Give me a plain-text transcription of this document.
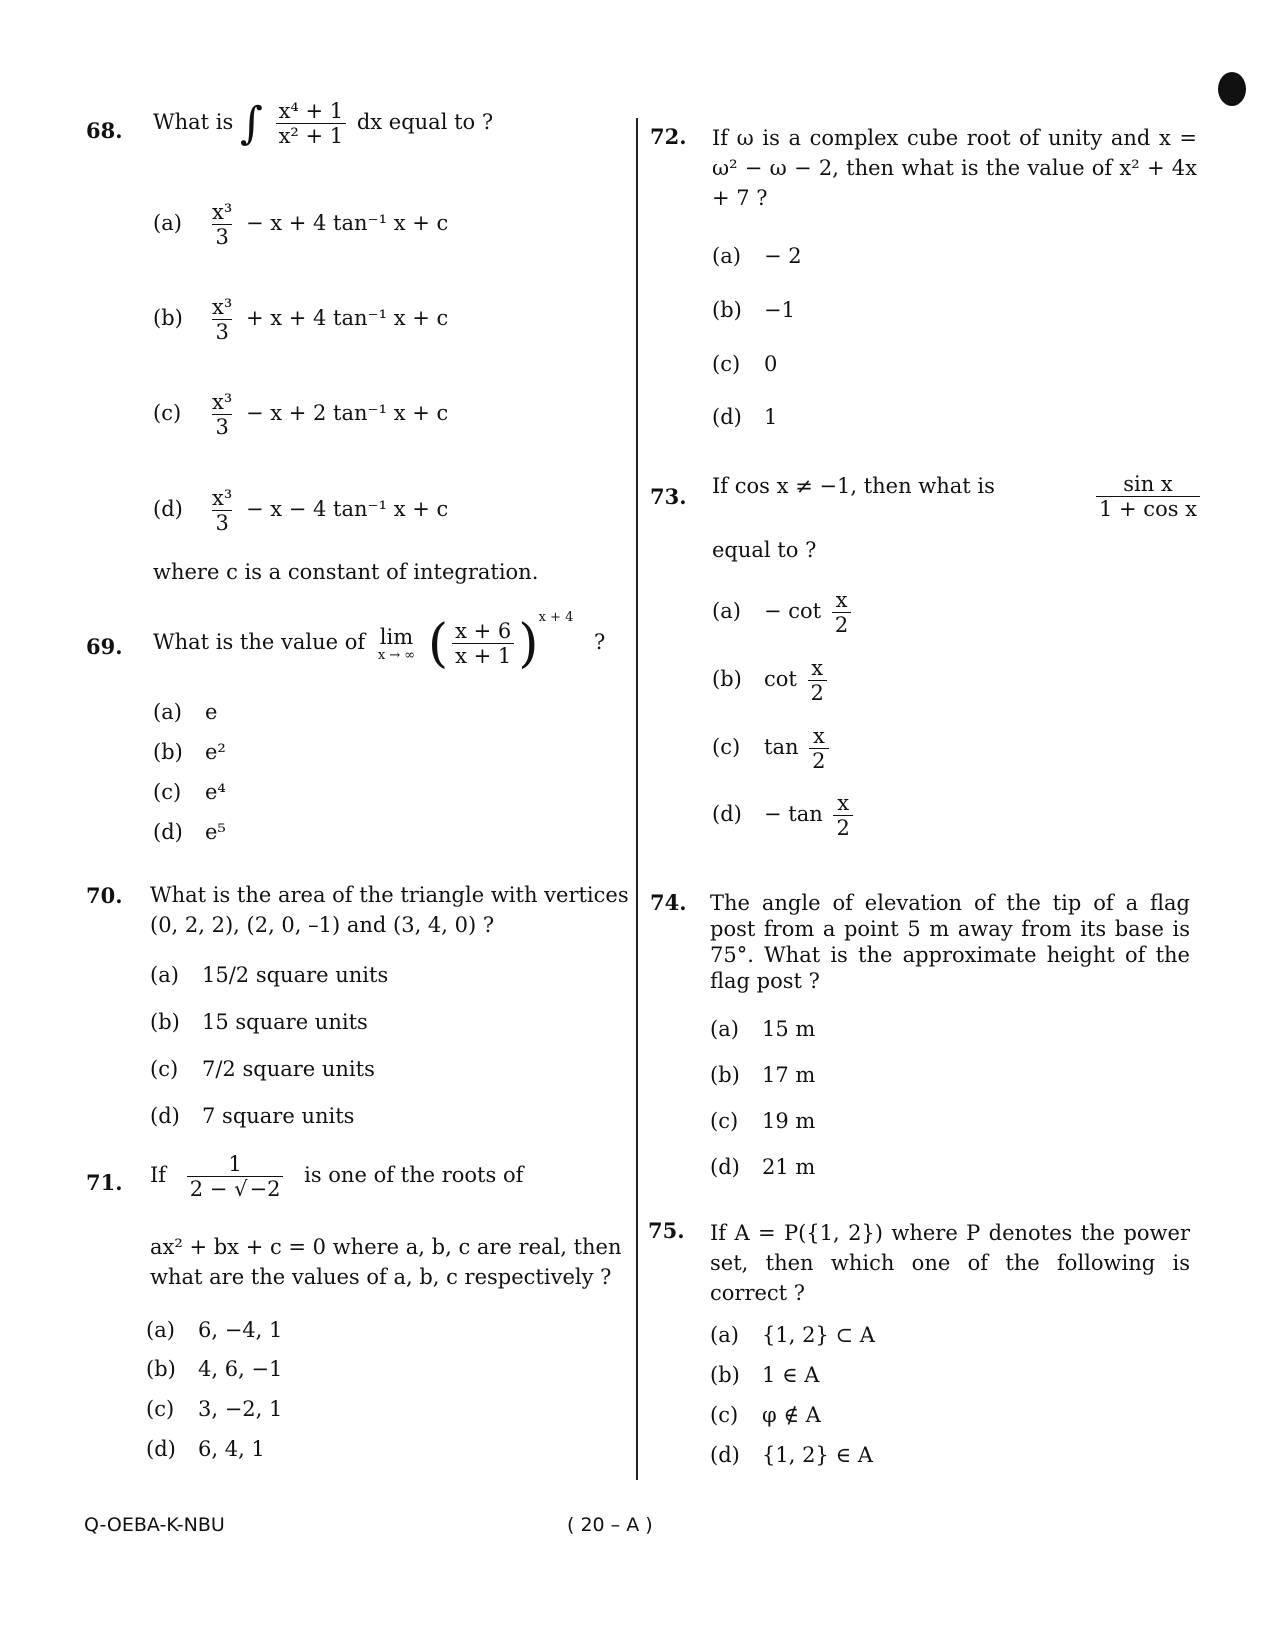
68. What is ∫ $\frac{\text{x⁴ + 1}}{\text{x² + 1}}$ dx equal to ?
$(a) \frac{\text{x³}}{3} - x + 4$ tan⁻¹ x + c
$(b) \frac{\text{x³}}{3} + x + 4$ tan⁻¹ x + c
$(c) \frac{\text{x³}}{3} - x + 2$ tan⁻¹ x + c
$(d) \frac{\text{x³}}{3} - x - 4$ tan⁻¹ x + c
where c is a constant of integration.
69. What is the value of lim
x → ∞ ( $\frac{x + 6}{x + 1} )^{x + 4}$ ?
(a) e
(b) e²
(c) e⁴
(d) e⁵
70. What is the area of the triangle with vertices (0, 2, 2), (2, 0, –1) and (3, 4, 0) ?
(a) 15/2 square units
(b) 15 square units
(c) 7/2 square units
(d) 7 square units
71. If $\frac{1}{2 - √-2}$ is one of the roots of
ax² + bx + c = 0 where a, b, c are real, then what are the values of a, b, c respectively ?
(a) 6, −4, 1
(b) 4, 6, −1
(c) 3, −2, 1
(d) 6, 4, 1
72. If ω is a complex cube root of unity and x = ω² − ω − 2, then what is the value of x² + 4x + 7 ?
(a) − 2
(b) −1
(c) 0
(d) 1
73. If cos x ≠ −1, then what is	$\frac{\text{sin x}}{\text{1 + cos x}}$
equal to ?
$(a) - \cot \frac{x}{2}$
(b) $\cot \frac{x}{2}$
(c) $\tan \frac{x}{2}$
$(d) - \tan \frac{x}{2}$
74. The angle of elevation of the tip of a flag post from a point 5 m away from its base is 75°. What is the approximate height of the flag post ?
(a) 15 m
(b) 17 m
(c) 19 m
(d) 21 m
75. If A = P({1, 2}) where P denotes the power set, then which one of the following is correct ?
(a) {1, 2} ⊂ A
(b) 1 ∈ A
(c) φ ∉ A
(d) {1, 2} ∈ A
Q-OEBA-K-NBU	( 20 – A )
